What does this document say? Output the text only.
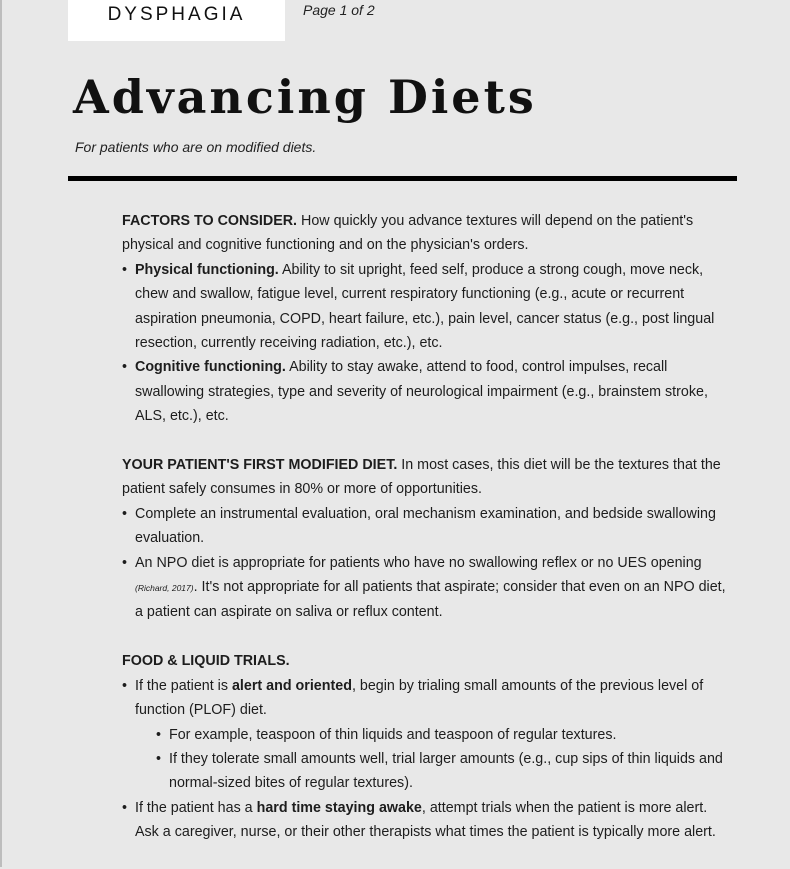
DYSPHAGIA	Page 1 of 2
Advancing Diets
For patients who are on modified diets.
FACTORS TO CONSIDER. How quickly you advance textures will depend on the patient's physical and cognitive functioning and on the physician's orders.
• Physical functioning. Ability to sit upright, feed self, produce a strong cough, move neck, chew and swallow, fatigue level, current respiratory functioning (e.g., acute or recurrent aspiration pneumonia, COPD, heart failure, etc.), pain level, cancer status (e.g., post lingual resection, currently receiving radiation, etc.), etc.
• Cognitive functioning. Ability to stay awake, attend to food, control impulses, recall swallowing strategies, type and severity of neurological impairment (e.g., brainstem stroke, ALS, etc.), etc.
YOUR PATIENT'S FIRST MODIFIED DIET. In most cases, this diet will be the textures that the patient safely consumes in 80% or more of opportunities.
• Complete an instrumental evaluation, oral mechanism examination, and bedside swallowing evaluation.
• An NPO diet is appropriate for patients who have no swallowing reflex or no UES opening (Richard, 2017). It's not appropriate for all patients that aspirate; consider that even on an NPO diet, a patient can aspirate on saliva or reflux content.
FOOD & LIQUID TRIALS.
• If the patient is alert and oriented, begin by trialing small amounts of the previous level of function (PLOF) diet.
• For example, teaspoon of thin liquids and teaspoon of regular textures.
• If they tolerate small amounts well, trial larger amounts (e.g., cup sips of thin liquids and normal-sized bites of regular textures).
• If the patient has a hard time staying awake, attempt trials when the patient is more alert. Ask a caregiver, nurse, or their other therapists what times the patient is typically more alert.
